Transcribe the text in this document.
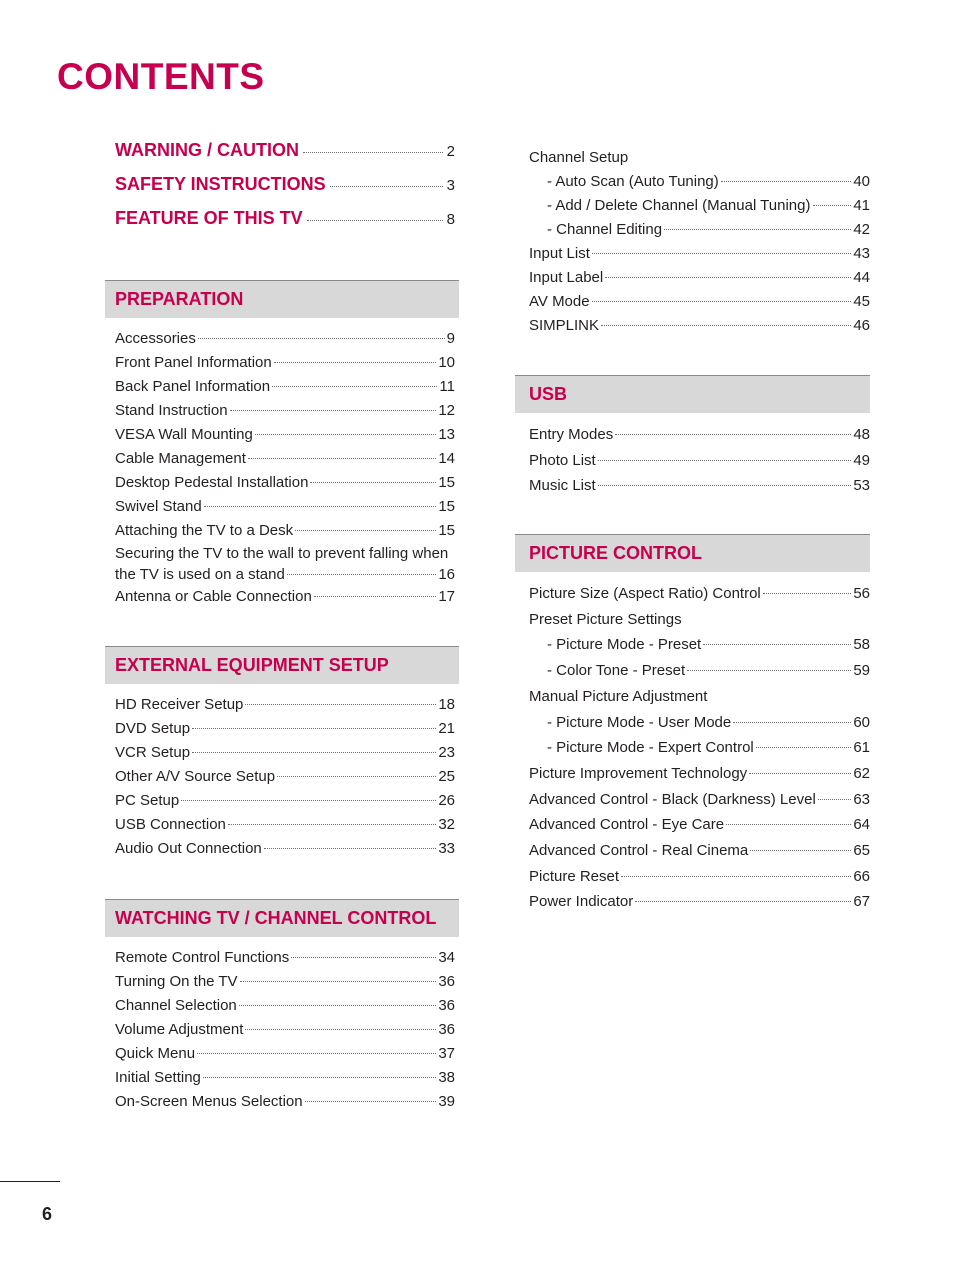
CONTENTS
WARNING / CAUTION	2
SAFETY INSTRUCTIONS	3
FEATURE OF THIS TV	8
PREPARATION
Accessories	9
Front Panel Information	10
Back Panel Information	11
Stand Instruction	12
VESA Wall Mounting	13
Cable Management	14
Desktop Pedestal Installation	15
Swivel Stand	15
Attaching the TV to a Desk	15
Securing the TV to the wall to prevent falling when
the TV is used on a stand	16
Antenna or Cable Connection	17
EXTERNAL EQUIPMENT SETUP
HD Receiver Setup	18
DVD Setup	21
VCR Setup	23
Other A/V Source Setup	25
PC Setup	26
USB Connection	32
Audio Out Connection	33
WATCHING TV / CHANNEL CONTROL
Remote Control Functions	34
Turning On the TV	36
Channel Selection	36
Volume Adjustment	36
Quick Menu	37
Initial Setting	38
On-Screen Menus Selection	39
Channel Setup
- Auto Scan (Auto Tuning)	40
- Add / Delete Channel (Manual Tuning)	41
- Channel Editing	42
Input List	43
Input Label	44
AV Mode	45
SIMPLINK	46
USB
Entry Modes	48
Photo List	49
Music List	53
PICTURE CONTROL
Picture Size (Aspect Ratio) Control	56
Preset Picture Settings
- Picture Mode - Preset	58
- Color Tone - Preset	59
Manual Picture Adjustment
- Picture Mode - User Mode	60
- Picture Mode - Expert Control	61
Picture Improvement Technology	62
Advanced Control - Black (Darkness) Level	63
Advanced Control - Eye Care	64
Advanced Control - Real Cinema	65
Picture Reset	66
Power Indicator	67
6
